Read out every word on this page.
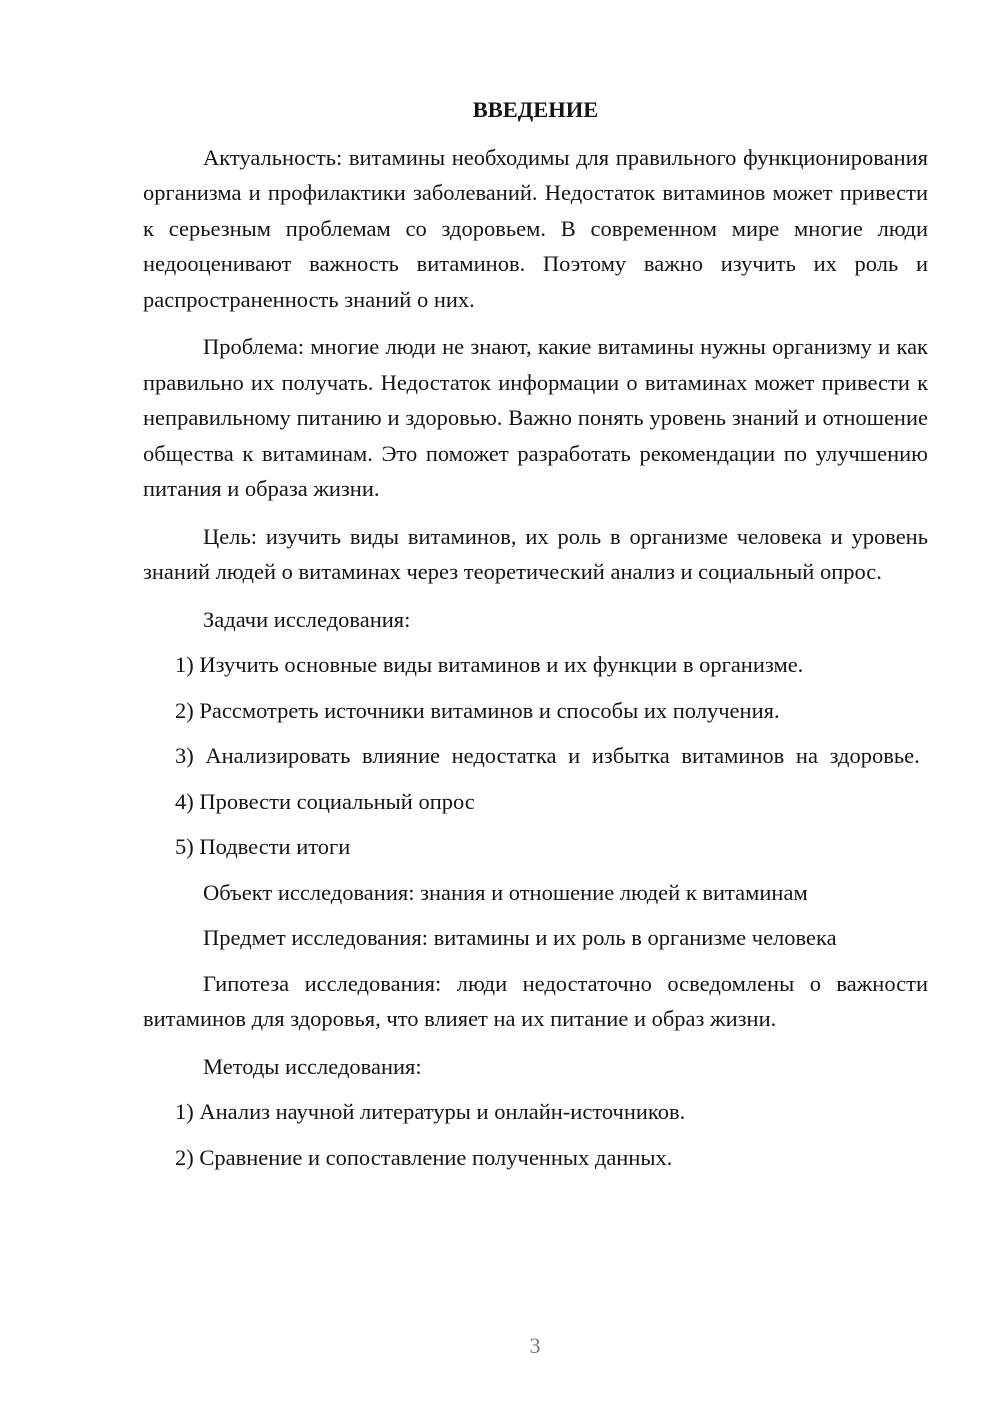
ВВЕДЕНИЕ

Актуальность: витамины необходимы для правильного функционирования организма и профилактики заболеваний. Недостаток витаминов может привести к серьезным проблемам со здоровьем. В современном мире многие люди недооценивают важность витаминов. Поэтому важно изучить их роль и распространенность знаний о них.

Проблема: многие люди не знают, какие витамины нужны организму и как правильно их получать. Недостаток информации о витаминах может привести к неправильному питанию и здоровью. Важно понять уровень знаний и отношение общества к витаминам. Это поможет разработать рекомендации по улучшению питания и образа жизни.

Цель: изучить виды витаминов, их роль в организме человека и уровень знаний людей о витаминах через теоретический анализ и социальный опрос.

Задачи исследования:

1) Изучить основные виды витаминов и их функции в организме.

2) Рассмотреть источники витаминов и способы их получения.

3) Анализировать влияние недостатка и избытка витаминов на здоровье.

4) Провести социальный опрос

5) Подвести итоги

Объект исследования: знания и отношение людей к витаминам

Предмет исследования: витамины и их роль в организме человека

Гипотеза исследования: люди недостаточно осведомлены о важности витаминов для здоровья, что влияет на их питание и образ жизни.

Методы исследования:

1) Анализ научной литературы и онлайн-источников.

2) Сравнение и сопоставление полученных данных.

3
